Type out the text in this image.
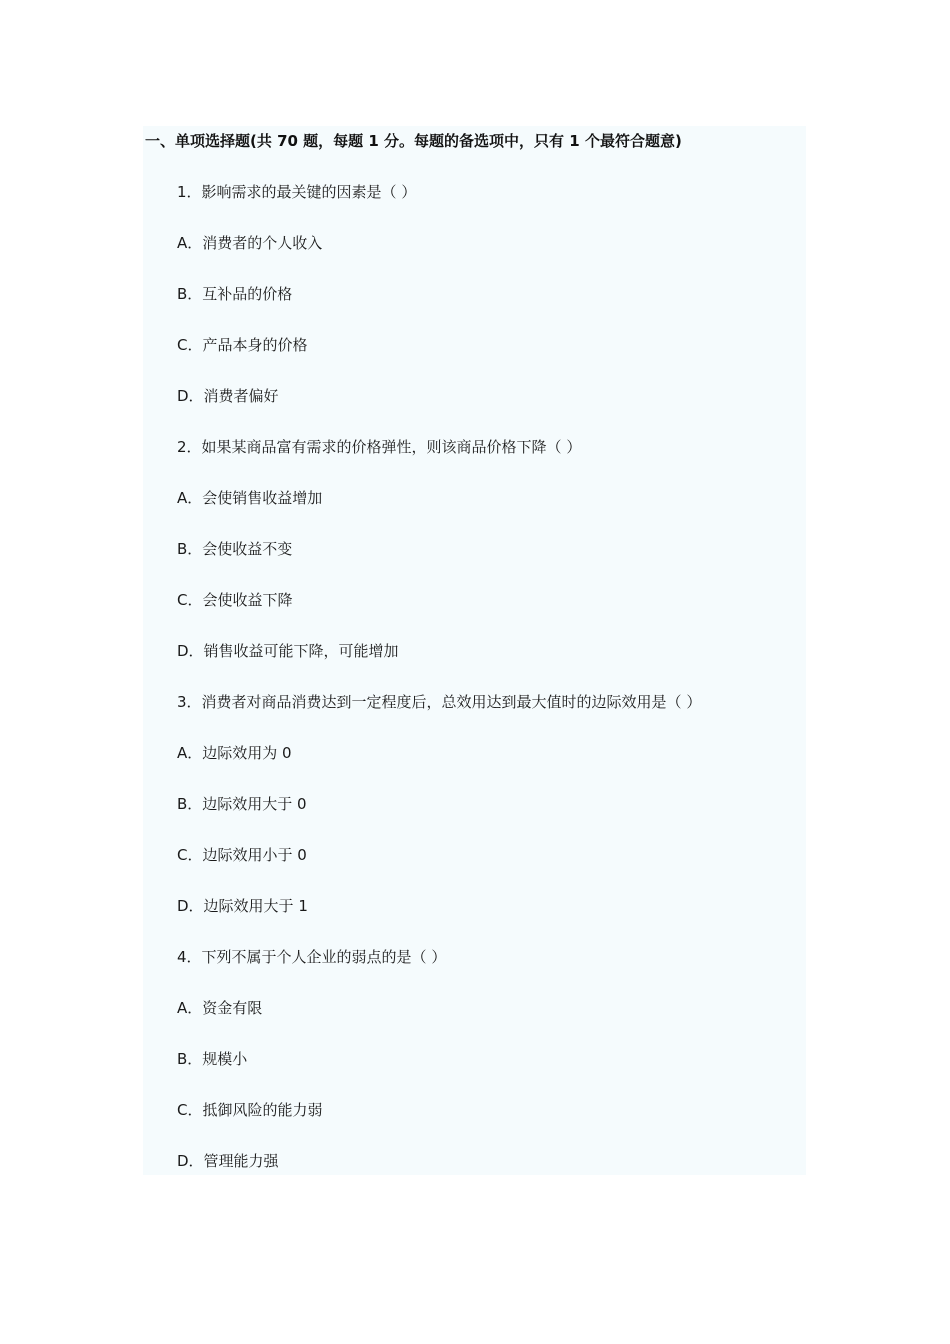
一、单项选择题(共 70 题，每题 1 分。每题的备选项中，只有 1 个最符合题意)
1．影响需求的最关键的因素是（ ）
A．消费者的个人收入
B．互补品的价格
C．产品本身的价格
D．消费者偏好
2．如果某商品富有需求的价格弹性，则该商品价格下降（ ）
A．会使销售收益增加
B．会使收益不变
C．会使收益下降
D．销售收益可能下降，可能增加
3．消费者对商品消费达到一定程度后，总效用达到最大值时的边际效用是（ ）
A．边际效用为 0
B．边际效用大于 0
C．边际效用小于 0
D．边际效用大于 1
4．下列不属于个人企业的弱点的是（ ）
A．资金有限
B．规模小
C．抵御风险的能力弱
D．管理能力强
